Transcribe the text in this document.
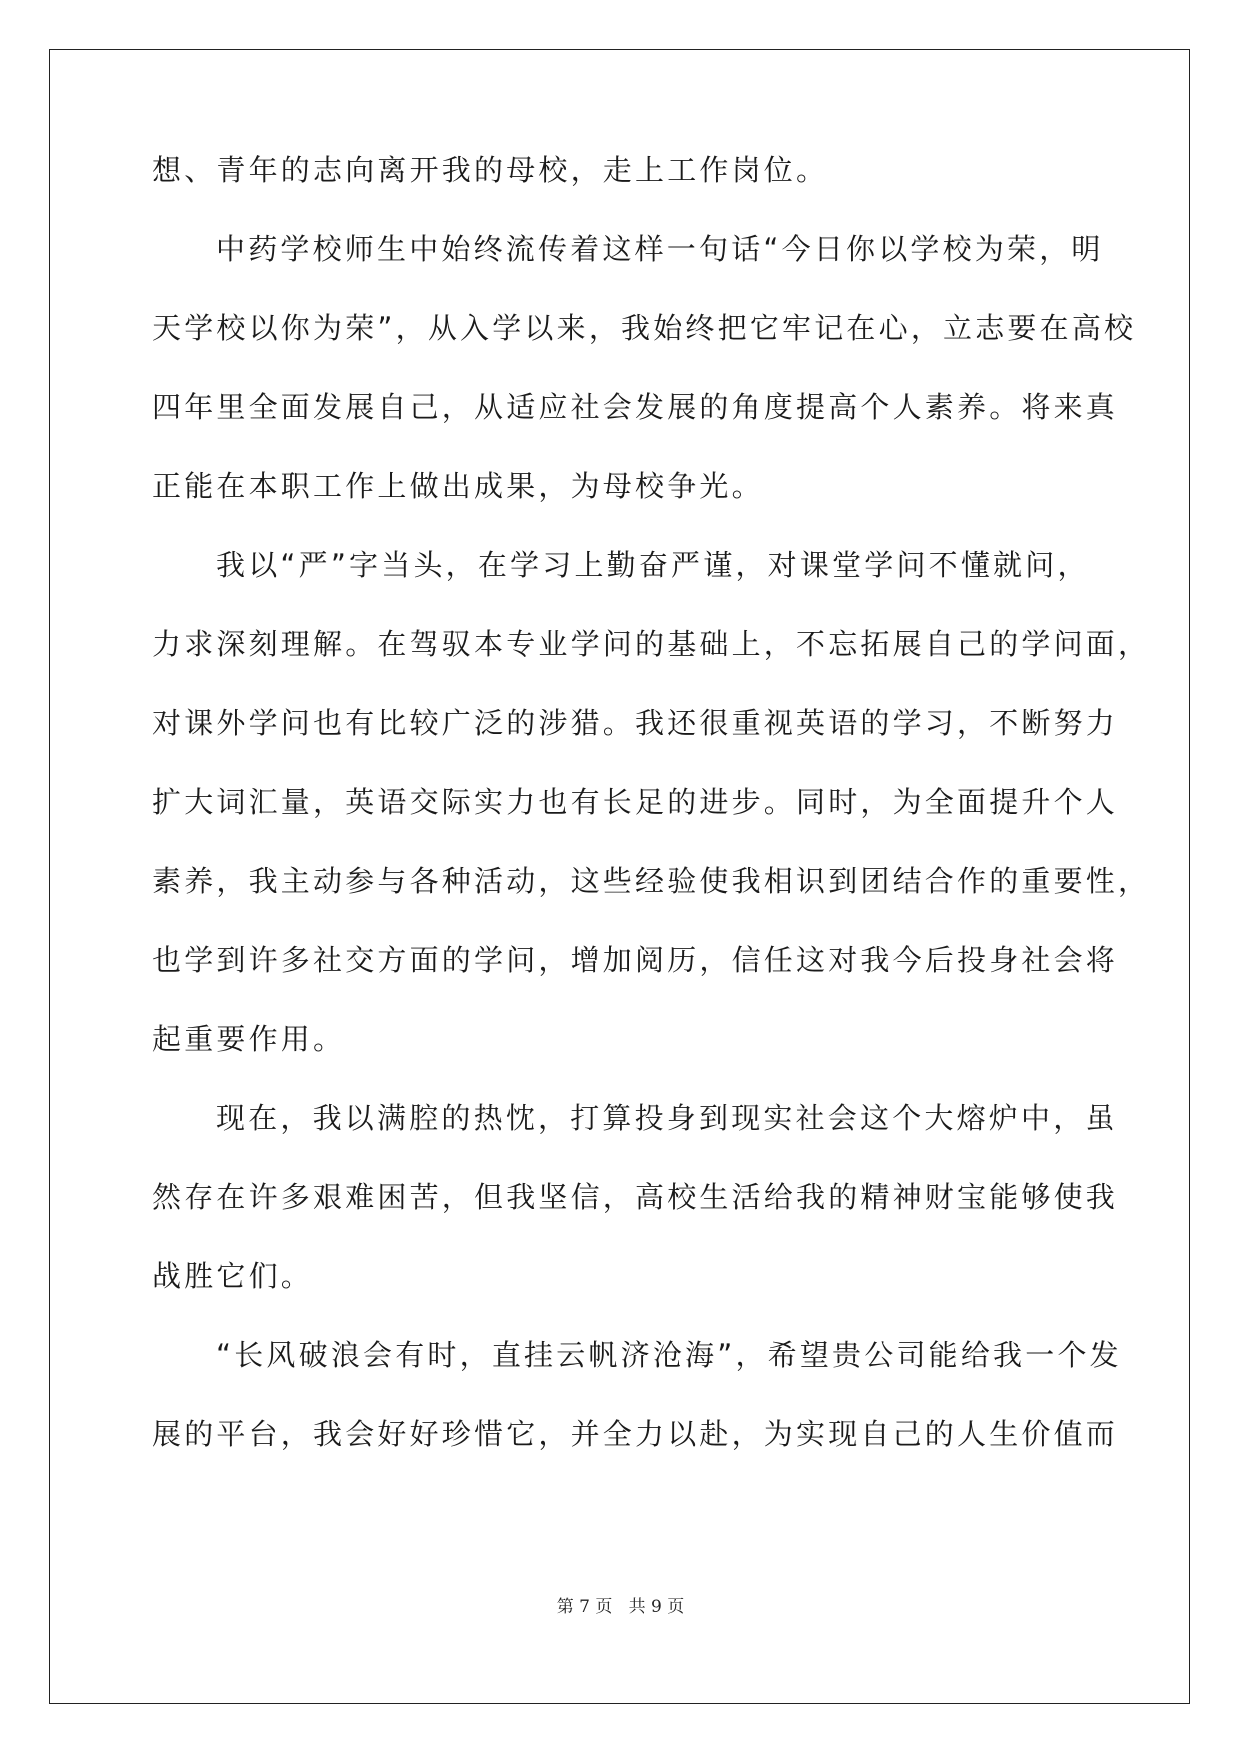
想、青年的志向离开我的母校，走上工作岗位。
中药学校师生中始终流传着这样一句话“今日你以学校为荣，明
天学校以你为荣”，从入学以来，我始终把它牢记在心，立志要在高校
四年里全面发展自己，从适应社会发展的角度提高个人素养。将来真
正能在本职工作上做出成果，为母校争光。
我以“严”字当头，在学习上勤奋严谨，对课堂学问不懂就问，
力求深刻理解。在驾驭本专业学问的基础上，不忘拓展自己的学问面，
对课外学问也有比较广泛的涉猎。我还很重视英语的学习，不断努力
扩大词汇量，英语交际实力也有长足的进步。同时，为全面提升个人
素养，我主动参与各种活动，这些经验使我相识到团结合作的重要性，
也学到许多社交方面的学问，增加阅历，信任这对我今后投身社会将
起重要作用。
现在，我以满腔的热忱，打算投身到现实社会这个大熔炉中，虽
然存在许多艰难困苦，但我坚信，高校生活给我的精神财宝能够使我
战胜它们。
“长风破浪会有时，直挂云帆济沧海”，希望贵公司能给我一个发
展的平台，我会好好珍惜它，并全力以赴，为实现自己的人生价值而
第 7 页 共 9 页
